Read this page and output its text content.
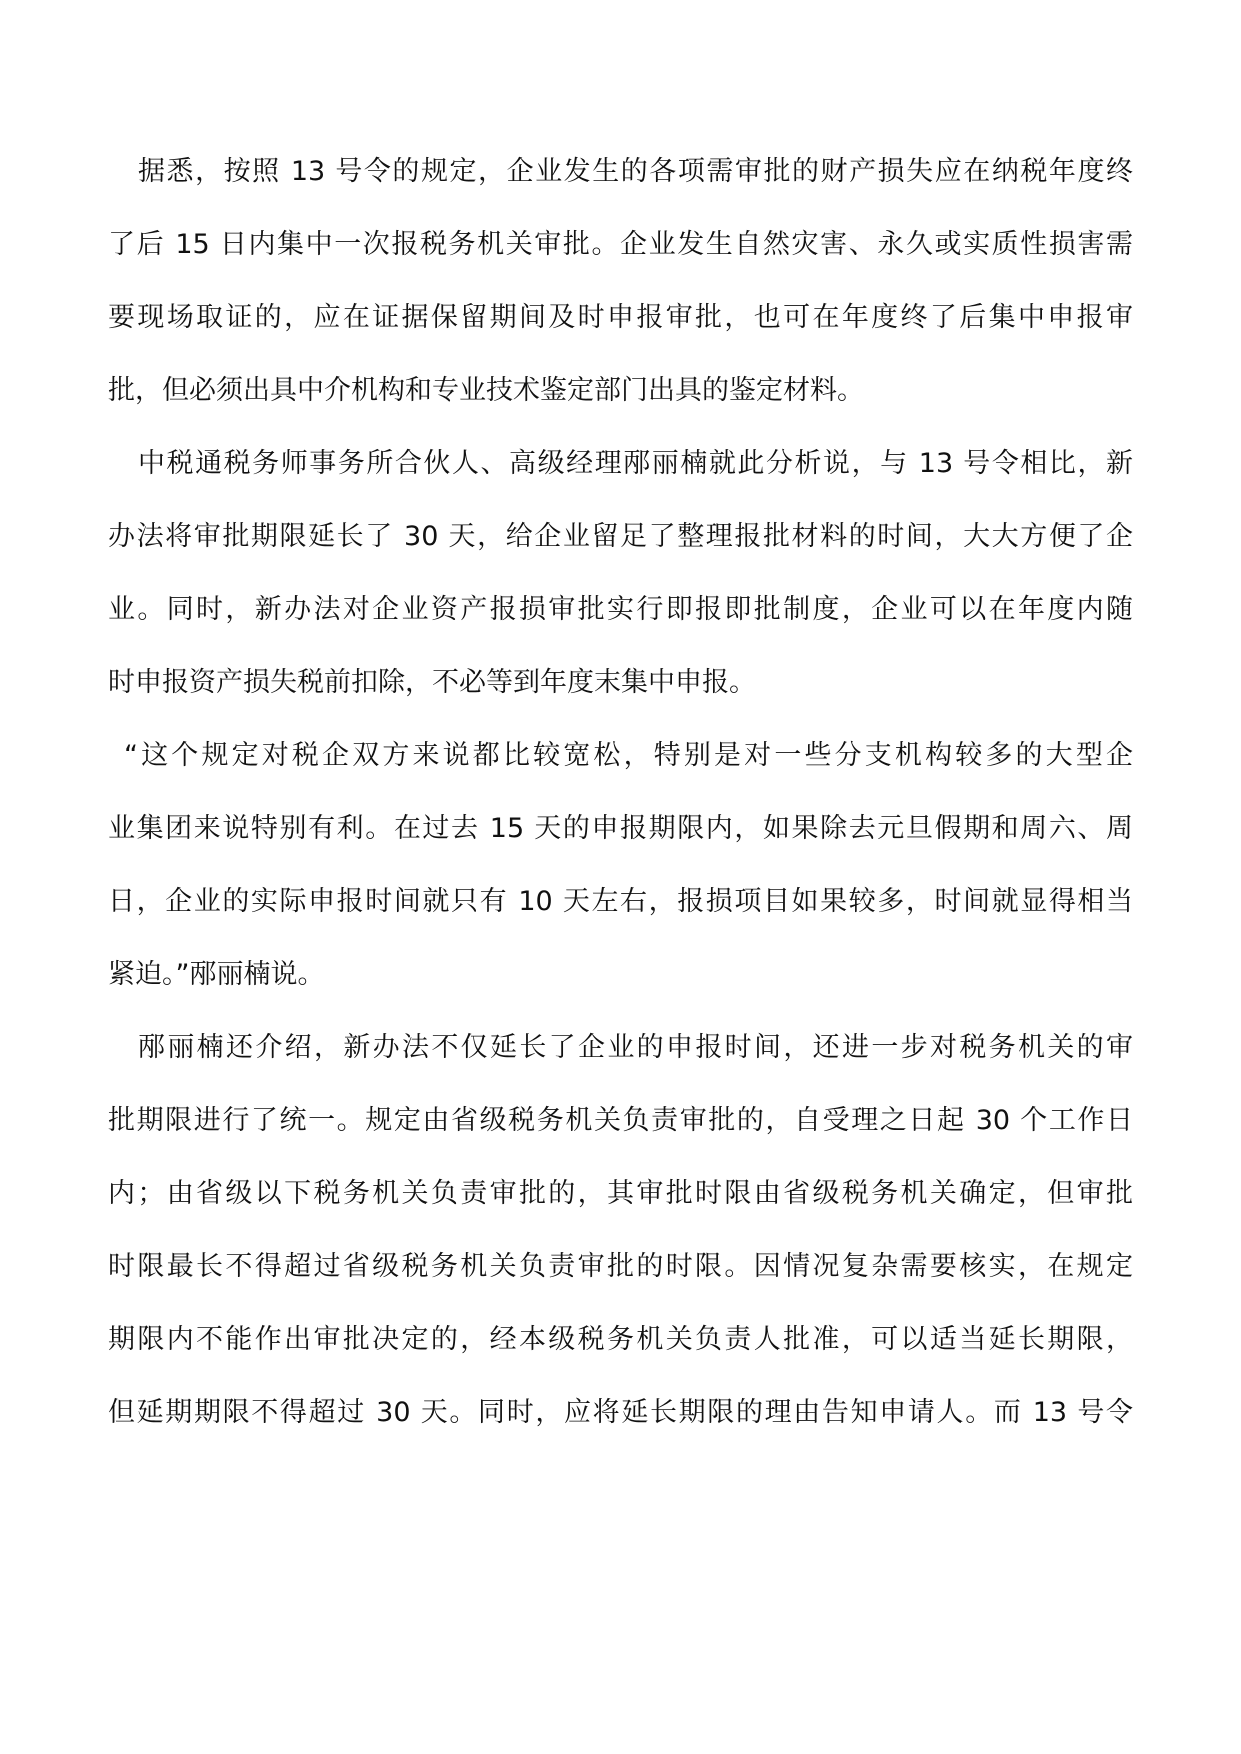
据悉，按照 13 号令的规定，企业发生的各项需审批的财产损失应在纳税年度终
了后 15 日内集中一次报税务机关审批。企业发生自然灾害、永久或实质性损害需
要现场取证的，应在证据保留期间及时申报审批，也可在年度终了后集中申报审
批，但必须出具中介机构和专业技术鉴定部门出具的鉴定材料。
中税通税务师事务所合伙人、高级经理邴丽楠就此分析说，与 13 号令相比，新
办法将审批期限延长了 30 天，给企业留足了整理报批材料的时间，大大方便了企
业。同时，新办法对企业资产报损审批实行即报即批制度，企业可以在年度内随
时申报资产损失税前扣除，不必等到年度末集中申报。
“这个规定对税企双方来说都比较宽松，特别是对一些分支机构较多的大型企
业集团来说特别有利。在过去 15 天的申报期限内，如果除去元旦假期和周六、周
日，企业的实际申报时间就只有 10 天左右，报损项目如果较多，时间就显得相当
紧迫。”邴丽楠说。
邴丽楠还介绍，新办法不仅延长了企业的申报时间，还进一步对税务机关的审
批期限进行了统一。规定由省级税务机关负责审批的，自受理之日起 30 个工作日
内；由省级以下税务机关负责审批的，其审批时限由省级税务机关确定，但审批
时限最长不得超过省级税务机关负责审批的时限。因情况复杂需要核实，在规定
期限内不能作出审批决定的，经本级税务机关负责人批准，可以适当延长期限，
但延期期限不得超过 30 天。同时，应将延长期限的理由告知申请人。而 13 号令
